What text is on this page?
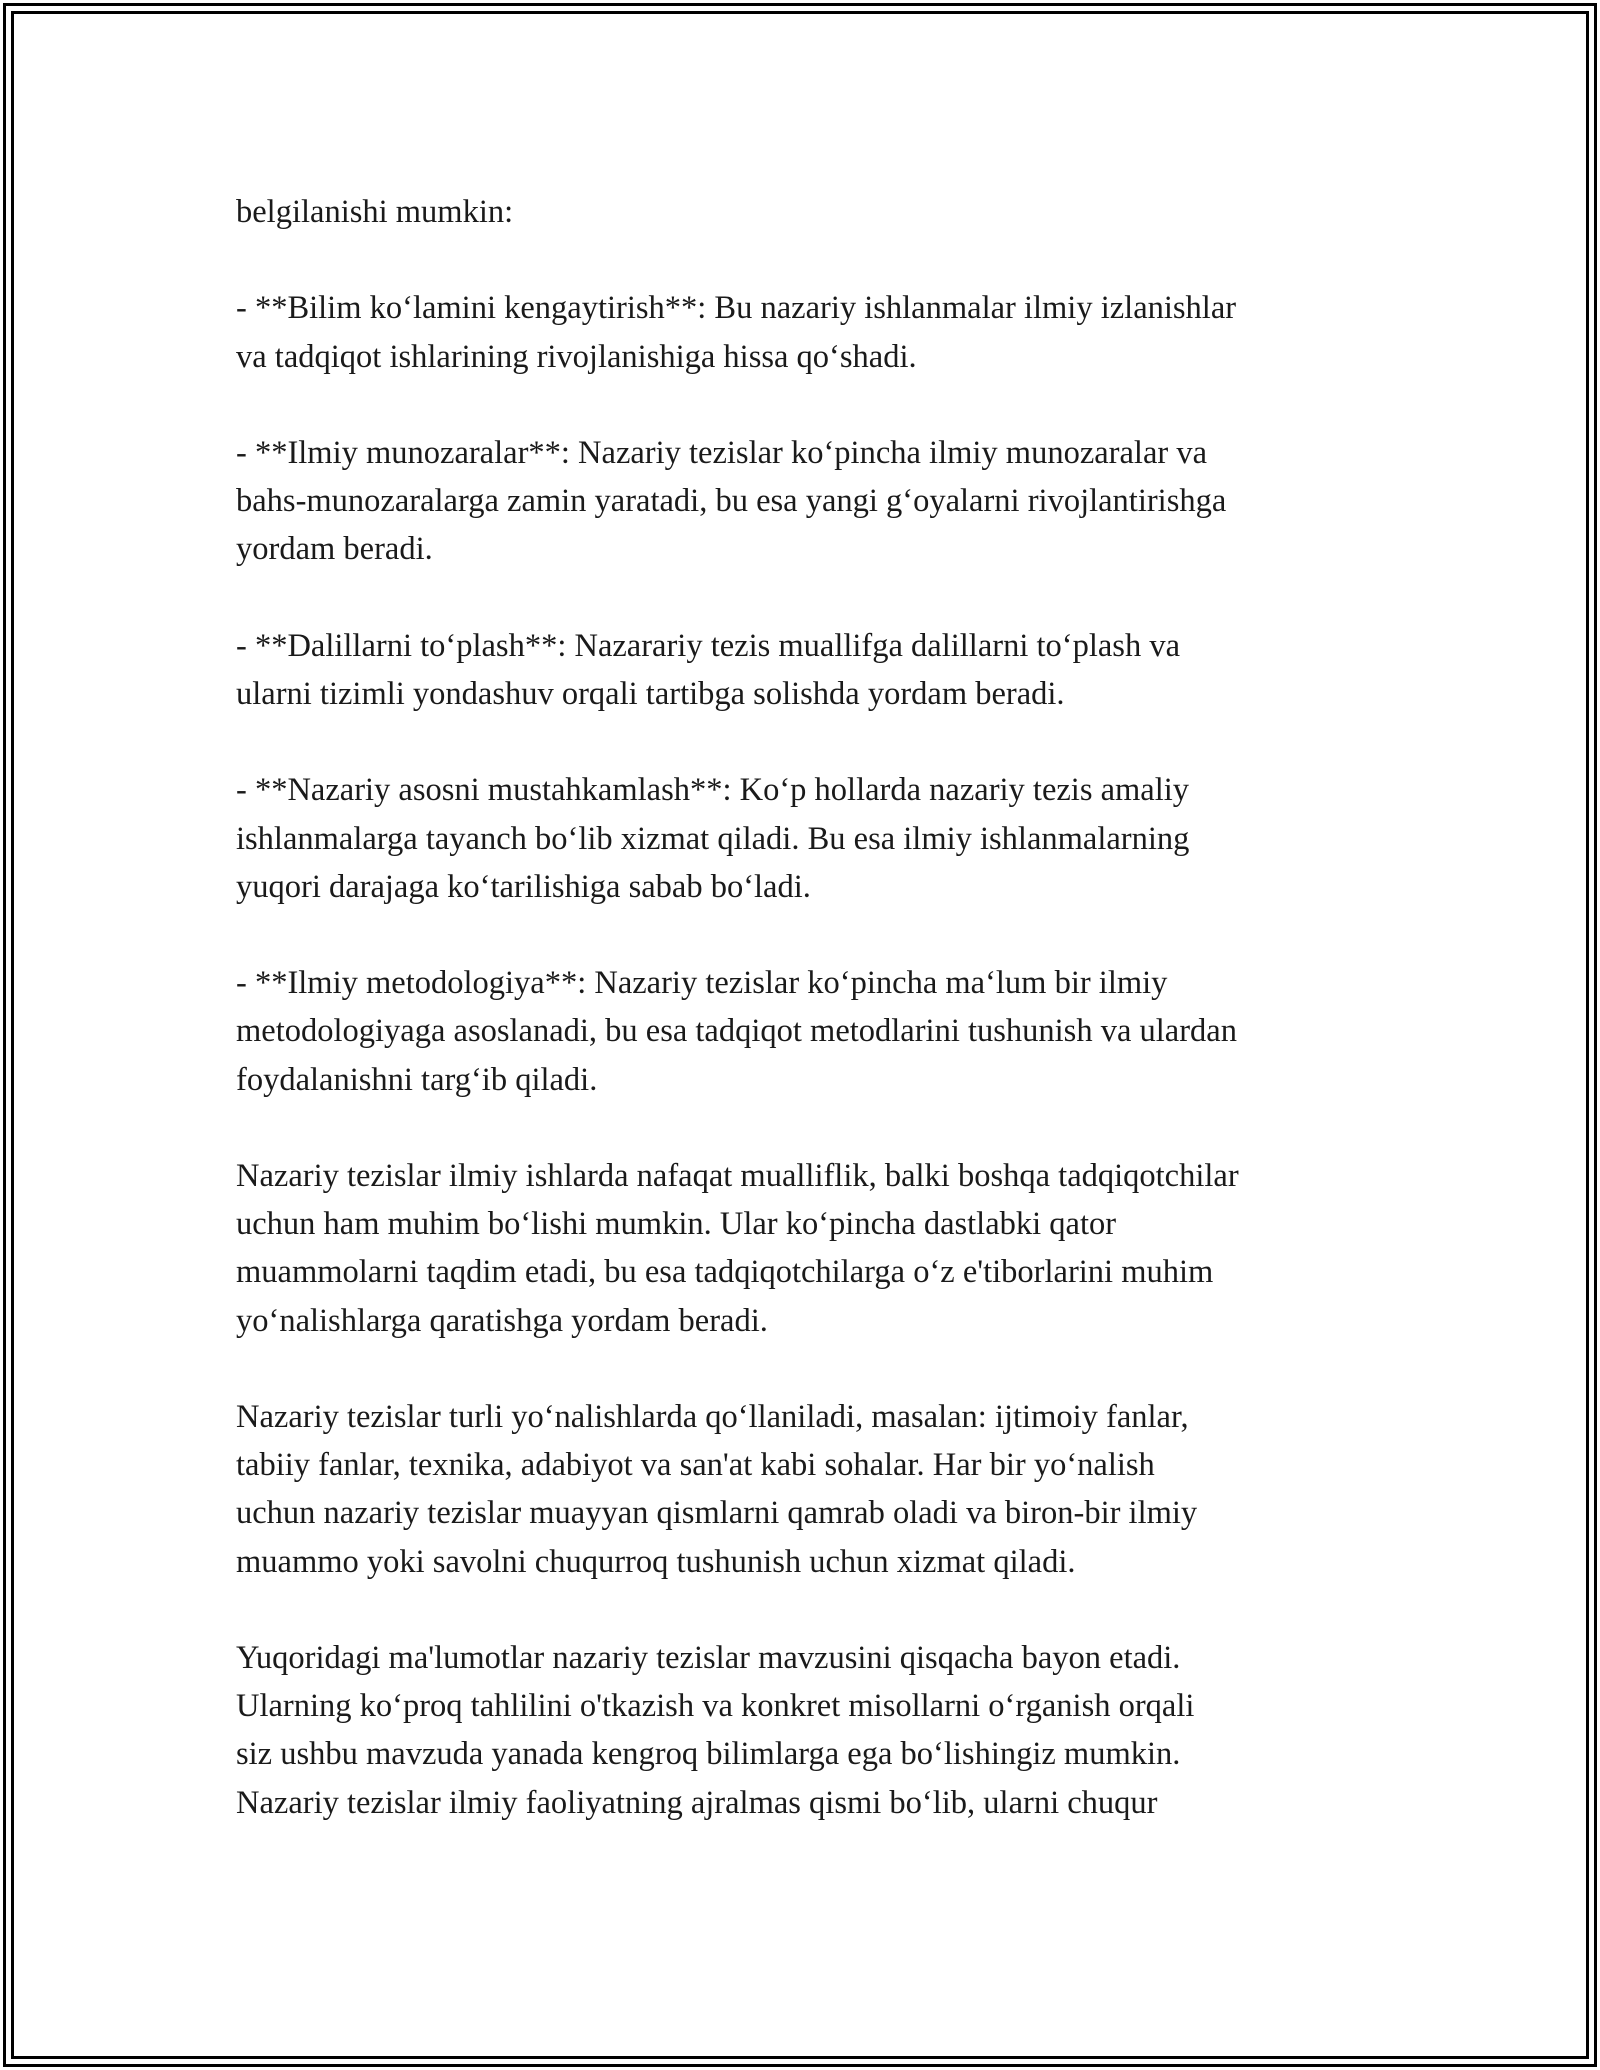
belgilanishi mumkin:

- **Bilim ko‘lamini kengaytirish**: Bu nazariy ishlanmalar ilmiy izlanishlar
va tadqiqot ishlarining rivojlanishiga hissa qo‘shadi.

- **Ilmiy munozaralar**: Nazariy tezislar ko‘pincha ilmiy munozaralar va
bahs-munozaralarga zamin yaratadi, bu esa yangi g‘oyalarni rivojlantirishga
yordam beradi.

- **Dalillarni to‘plash**: Nazarariy tezis muallifga dalillarni to‘plash va
ularni tizimli yondashuv orqali tartibga solishda yordam beradi.

- **Nazariy asosni mustahkamlash**: Ko‘p hollarda nazariy tezis amaliy
ishlanmalarga tayanch bo‘lib xizmat qiladi. Bu esa ilmiy ishlanmalarning
yuqori darajaga ko‘tarilishiga sabab bo‘ladi.

- **Ilmiy metodologiya**: Nazariy tezislar ko‘pincha ma‘lum bir ilmiy
metodologiyaga asoslanadi, bu esa tadqiqot metodlarini tushunish va ulardan
foydalanishni targ‘ib qiladi.

Nazariy tezislar ilmiy ishlarda nafaqat mualliflik, balki boshqa tadqiqotchilar
uchun ham muhim bo‘lishi mumkin. Ular ko‘pincha dastlabki qator
muammolarni taqdim etadi, bu esa tadqiqotchilarga o‘z e'tiborlarini muhim
yo‘nalishlarga qaratishga yordam beradi.

Nazariy tezislar turli yo‘nalishlarda qo‘llaniladi, masalan: ijtimoiy fanlar,
tabiiy fanlar, texnika, adabiyot va san'at kabi sohalar. Har bir yo‘nalish
uchun nazariy tezislar muayyan qismlarni qamrab oladi va biron-bir ilmiy
muammo yoki savolni chuqurroq tushunish uchun xizmat qiladi.

Yuqoridagi ma'lumotlar nazariy tezislar mavzusini qisqacha bayon etadi.
Ularning ko‘proq tahlilini o'tkazish va konkret misollarni o‘rganish orqali
siz ushbu mavzuda yanada kengroq bilimlarga ega bo‘lishingiz mumkin.
Nazariy tezislar ilmiy faoliyatning ajralmas qismi bo‘lib, ularni chuqur
